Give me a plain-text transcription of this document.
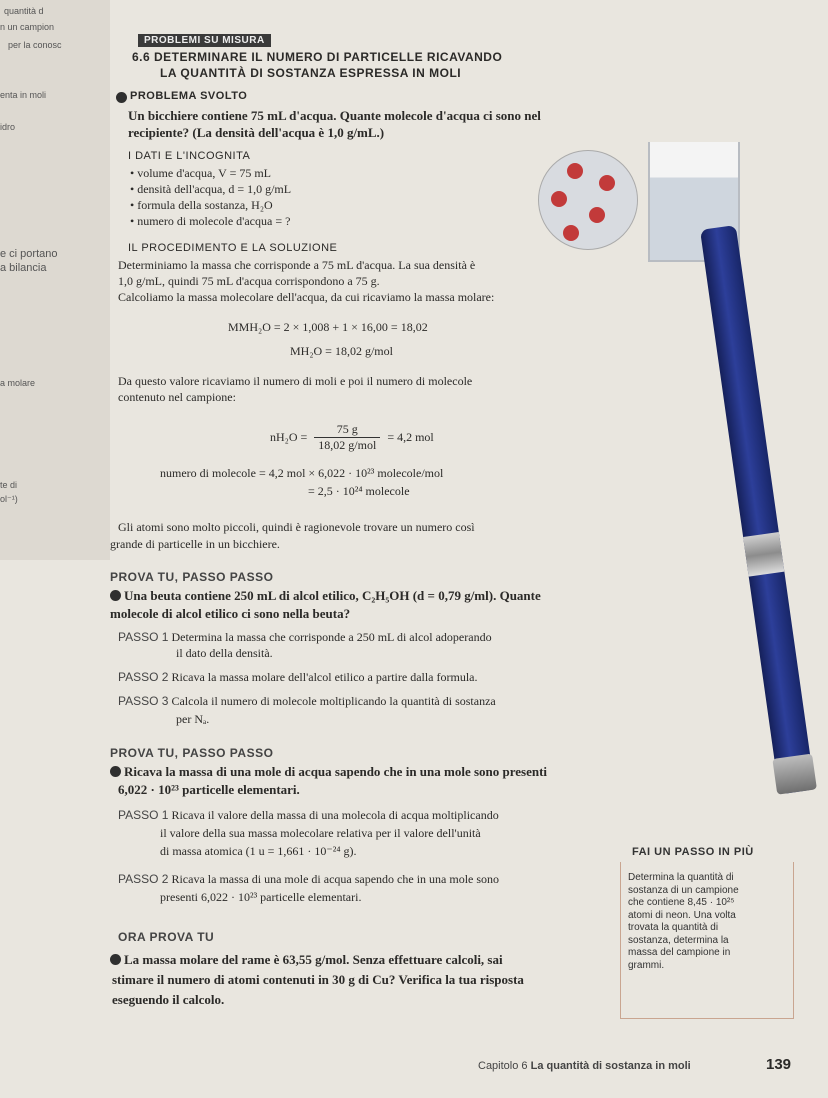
quantità d
n un campion
per la conosc
enta in moli
idro
e ci portano
a bilancia
a molare
te di
ol⁻¹)
PROBLEMI SU MISURA
6.6 DETERMINARE IL NUMERO DI PARTICELLE RICAVANDO
LA QUANTITÀ DI SOSTANZA ESPRESSA IN MOLI
PROBLEMA SVOLTO
Un bicchiere contiene 75 mL d'acqua. Quante molecole d'acqua ci sono nel
recipiente? (La densità dell'acqua è 1,0 g/mL.)
I DATI E L'INCOGNITA
• volume d'acqua, V = 75 mL
• densità dell'acqua, d = 1,0 g/mL
• formula della sostanza, H₂O
• numero di molecole d'acqua = ?
IL PROCEDIMENTO E LA SOLUZIONE
Determiniamo la massa che corrisponde a 75 mL d'acqua. La sua densità è
1,0 g/mL, quindi 75 mL d'acqua corrispondono a 75 g.
Calcoliamo la massa molecolare dell'acqua, da cui ricaviamo la massa molare:
MMH₂O = 2 × 1,008 + 1 × 16,00 = 18,02
MH₂O = 18,02 g/mol
Da questo valore ricaviamo il numero di moli e poi il numero di molecole
contenuto nel campione:
nH₂O =
75 g
18,02 g/mol
= 4,2 mol
numero di molecole = 4,2 mol × 6,022 · 10²³ molecole/mol
= 2,5 · 10²⁴ molecole
Gli atomi sono molto piccoli, quindi è ragionevole trovare un numero così
grande di particelle in un bicchiere.
PROVA TU, PASSO PASSO
Una beuta contiene 250 mL di alcol etilico, C₂H₅OH (d = 0,79 g/ml). Quante
molecole di alcol etilico ci sono nella beuta?
PASSO 1 Determina la massa che corrisponde a 250 mL di alcol adoperando
il dato della densità.
PASSO 2 Ricava la massa molare dell'alcol etilico a partire dalla formula.
PASSO 3 Calcola il numero di molecole moltiplicando la quantità di sostanza
per Nₐ.
PROVA TU, PASSO PASSO
Ricava la massa di una mole di acqua sapendo che in una mole sono presenti
6,022 · 10²³ particelle elementari.
PASSO 1 Ricava il valore della massa di una molecola di acqua moltiplicando
il valore della sua massa molecolare relativa per il valore dell'unità
di massa atomica (1 u = 1,661 · 10⁻²⁴ g).
PASSO 2 Ricava la massa di una mole di acqua sapendo che in una mole sono
presenti 6,022 · 10²³ particelle elementari.
ORA PROVA TU
La massa molare del rame è 63,55 g/mol. Senza effettuare calcoli, sai
stimare il numero di atomi contenuti in 30 g di Cu? Verifica la tua risposta
eseguendo il calcolo.
FAI UN PASSO IN PIÙ
Determina la quantità di
sostanza di un campione
che contiene 8,45 · 10²⁵
atomi di neon. Una volta
trovata la quantità di
sostanza, determina la
massa del campione in
grammi.
Capitolo 6 La quantità di sostanza in moli	139
